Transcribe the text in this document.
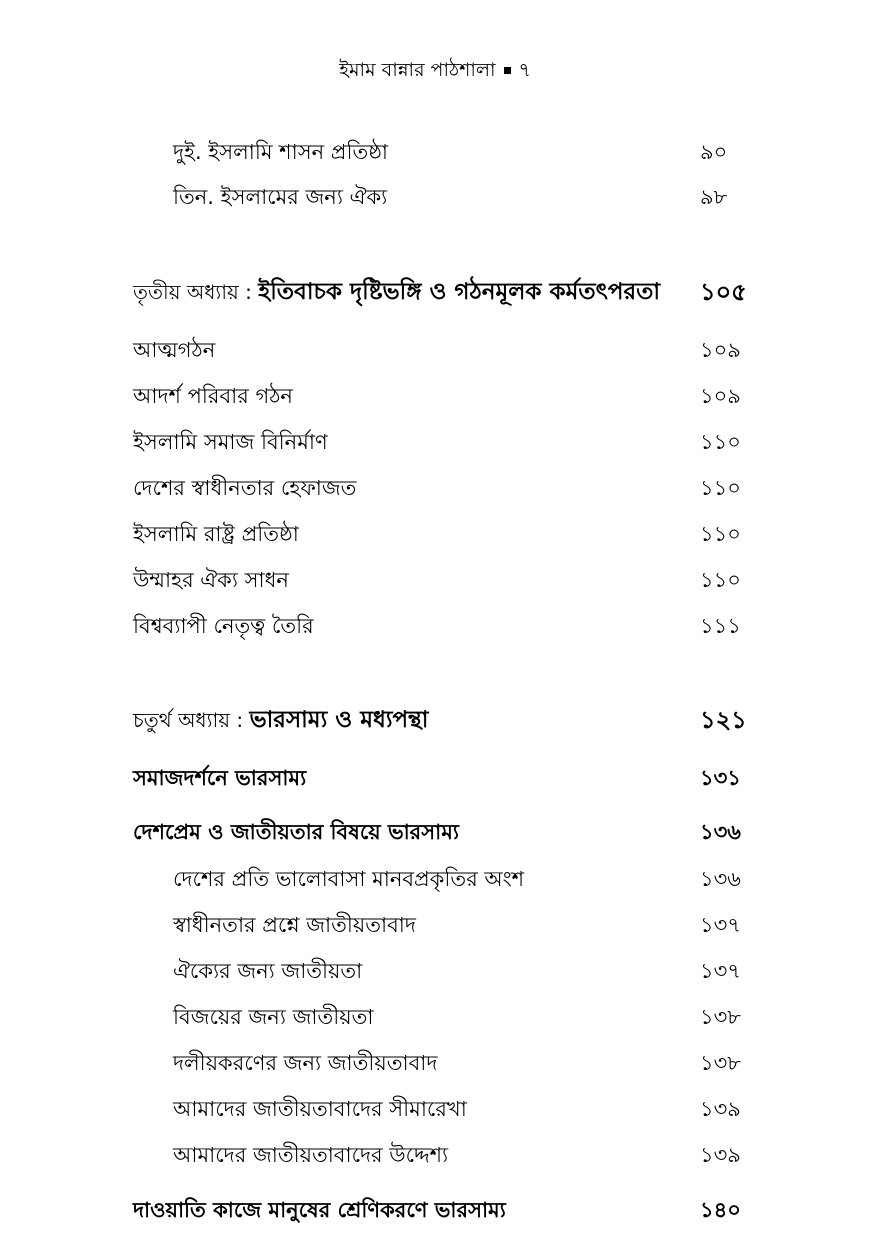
ইমাম বান্নার পাঠশালা ৭
দুই. ইসলামি শাসন প্রতিষ্ঠা	৯০
তিন. ইসলামের জন্য ঐক্য	৯৮
তৃতীয় অধ্যায় : ইতিবাচক দৃষ্টিভঙ্গি ও গঠনমূলক কর্মতৎপরতা ১০৫
আত্মগঠন	১০৯
আদর্শ পরিবার গঠন	১০৯
ইসলামি সমাজ বিনির্মাণ	১১০
দেশের স্বাধীনতার হেফাজত	১১০
ইসলামি রাষ্ট্র প্রতিষ্ঠা	১১০
উম্মাহর ঐক্য সাধন	১১০
বিশ্বব্যাপী নেতৃত্ব তৈরি	১১১
চতুর্থ অধ্যায় : ভারসাম্য ও মধ্যপন্থা	১২১
সমাজদর্শনে ভারসাম্য	১৩১
দেশপ্রেম ও জাতীয়তার বিষয়ে ভারসাম্য	১৩৬
দেশের প্রতি ভালোবাসা মানবপ্রকৃতির অংশ	১৩৬
স্বাধীনতার প্রশ্নে জাতীয়তাবাদ	১৩৭
ঐক্যের জন্য জাতীয়তা	১৩৭
বিজয়ের জন্য জাতীয়তা	১৩৮
দলীয়করণের জন্য জাতীয়তাবাদ	১৩৮
আমাদের জাতীয়তাবাদের সীমারেখা	১৩৯
আমাদের জাতীয়তাবাদের উদ্দেশ্য	১৩৯
দাওয়াতি কাজে মানুষের শ্রেণিকরণে ভারসাম্য	১৪০
